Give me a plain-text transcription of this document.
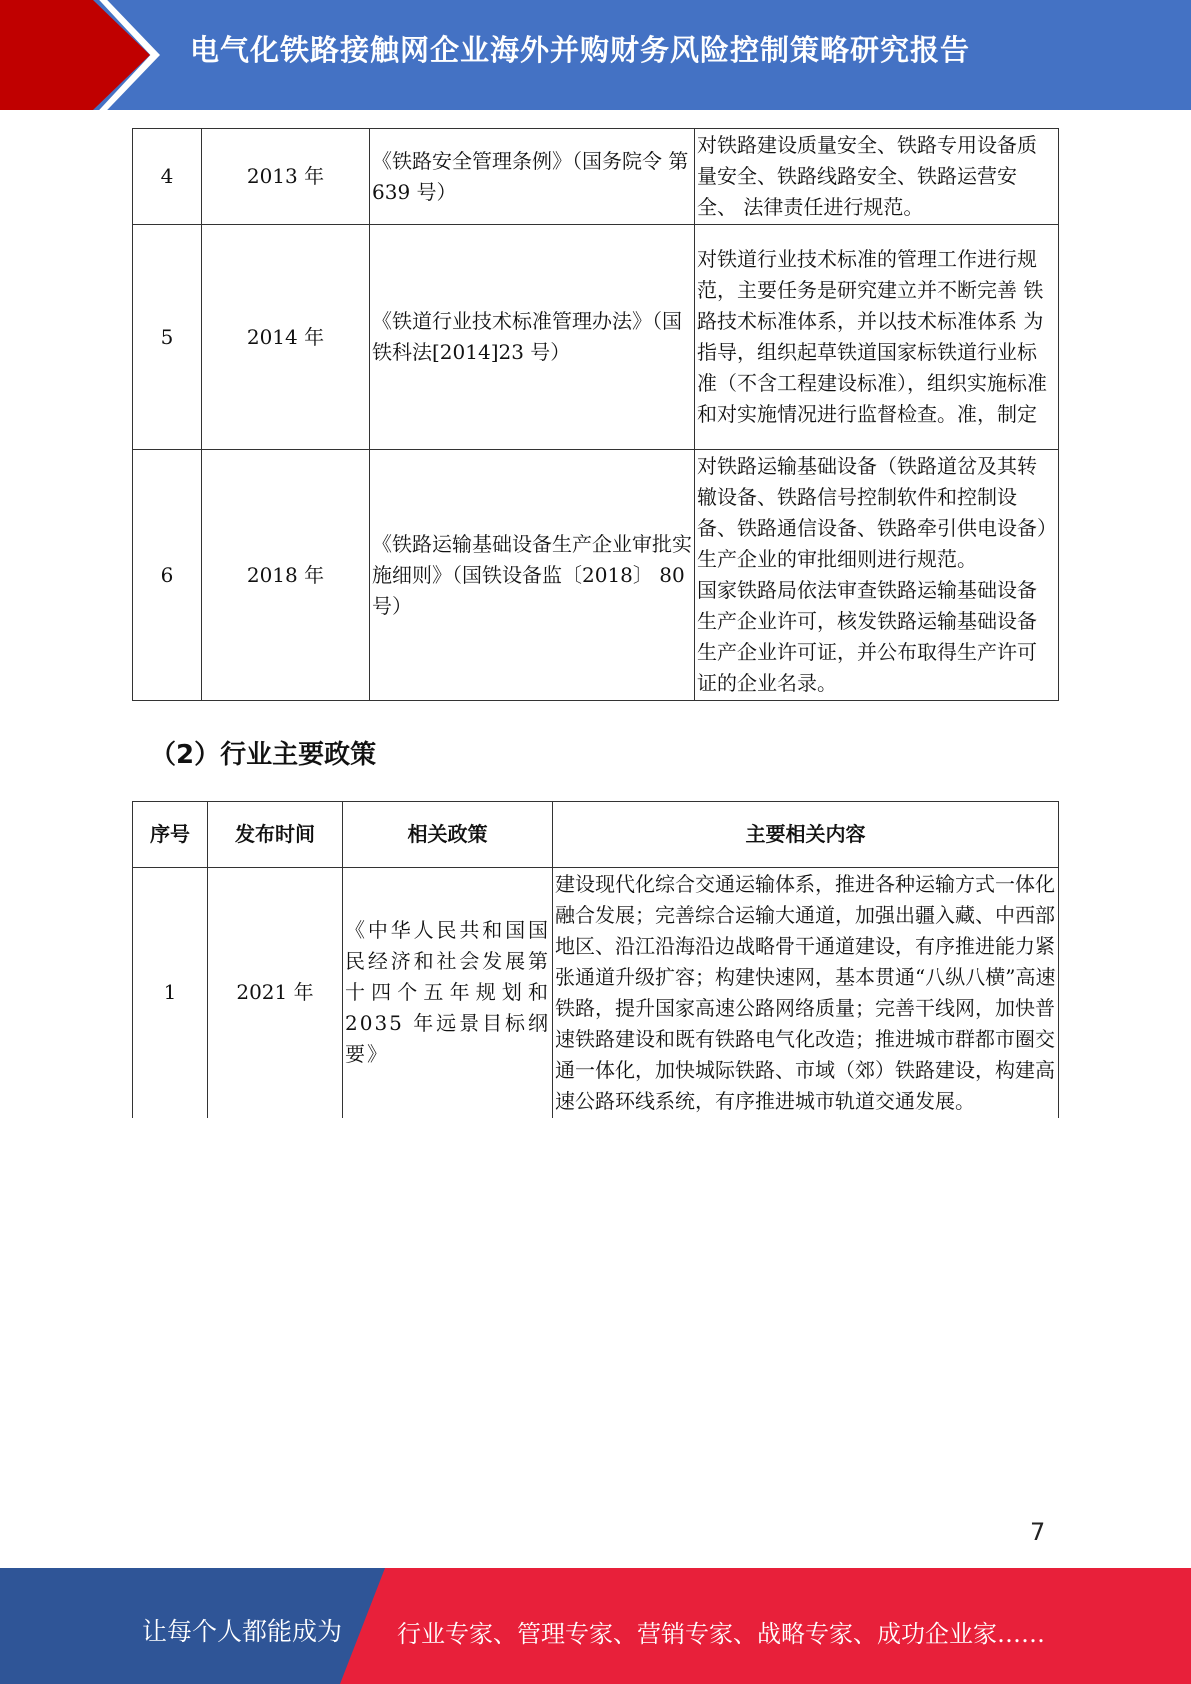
电气化铁路接触网企业海外并购财务风险控制策略研究报告
4	2013 年	《铁路安全管理条例》（国务院令 第 639 号）	对铁路建设质量安全、铁路专用设备质 量安全、铁路线路安全、铁路运营安全、 法律责任进行规范。
5	2014 年	《铁道行业技术标准管理办法》（国铁科法[2014]23 号）	对铁道行业技术标准的管理工作进行规范，主要任务是研究建立并不断完善 铁路技术标准体系，并以技术标准体系 为指导，组织起草铁道国家标铁道行业标准（不含工程建设标准），组织实施标准和对实施情况进行监督检查。准，制定
6	2018 年	《铁路运输基础设备生产企业审批实施细则》（国铁设备监〔2018〕 80 号）	对铁路运输基础设备（铁路道岔及其转辙设备、铁路信号控制软件和控制设备、铁路通信设备、铁路牵引供电设备）生产企业的审批细则进行规范。
国家铁路局依法审查铁路运输基础设备生产企业许可，核发铁路运输基础设备生产企业许可证，并公布取得生产许可证的企业名录。
（2）行业主要政策
序号	发布时间	相关政策	主要相关内容
1	2021 年	《中华人民共和国国民经济和社会发展第十四个五年规划和 2035 年远景目标纲要》	建设现代化综合交通运输体系，推进各种运输方式一体化融合发展；完善综合运输大通道，加强出疆入藏、中西部地区、沿江沿海沿边战略骨干通道建设，有序推进能力紧张通道升级扩容；构建快速网，基本贯通“八纵八横”高速铁路，提升国家高速公路网络质量；完善干线网，加快普速铁路建设和既有铁路电气化改造；推进城市群都市圈交通一体化，加快城际铁路、市域（郊）铁路建设，构建高速公路环线系统，有序推进城市轨道交通发展。
7
让每个人都能成为 行业专家、管理专家、营销专家、战略专家、成功企业家……
